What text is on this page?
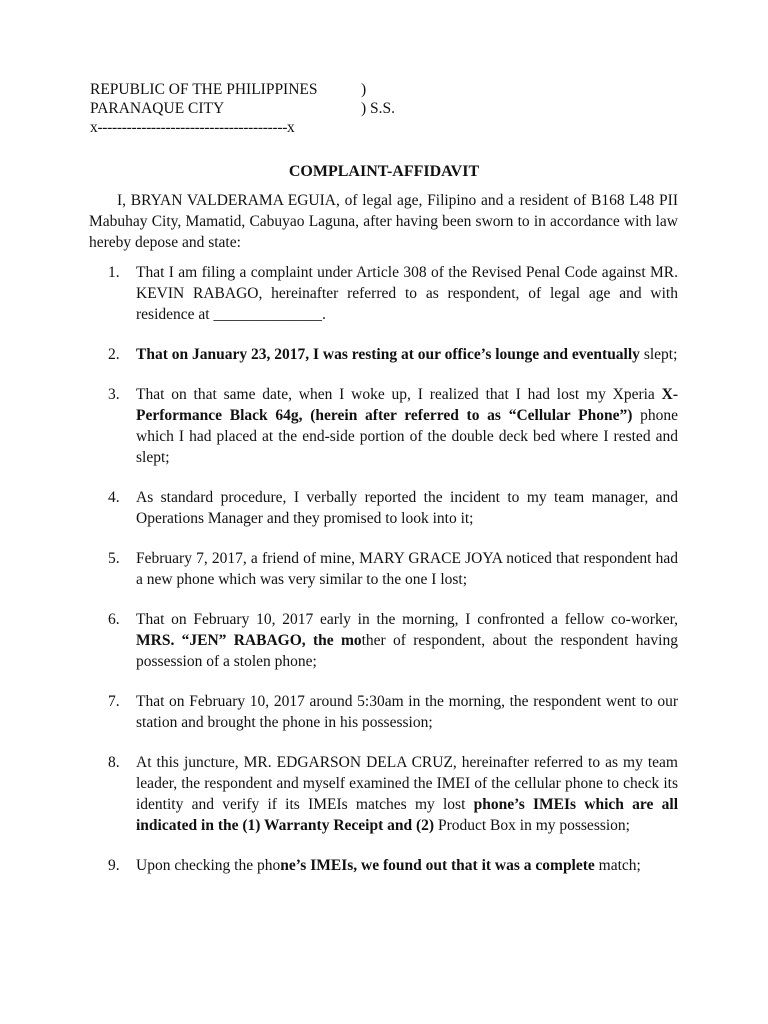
REPUBLIC OF THE PHILIPPINES	)
PARANAQUE CITY	) S.S.
x---------------------------------------x
COMPLAINT-AFFIDAVIT
I, BRYAN VALDERAMA EGUIA, of legal age, Filipino and a resident of B168 L48 PII Mabuhay City, Mamatid, Cabuyao Laguna, after having been sworn to in accordance with law hereby depose and state:
1. That I am filing a complaint under Article 308 of the Revised Penal Code against MR. KEVIN RABAGO, hereinafter referred to as respondent, of legal age and with residence at ______________.
2. That on January 23, 2017, I was resting at our office’s lounge and eventually slept;
3. That on that same date, when I woke up, I realized that I had lost my Xperia X-Performance Black 64g, (herein after referred to as “Cellular Phone”) phone which I had placed at the end-side portion of the double deck bed where I rested and slept;
4. As standard procedure, I verbally reported the incident to my team manager, and Operations Manager and they promised to look into it;
5. February 7, 2017, a friend of mine, MARY GRACE JOYA noticed that respondent had a new phone which was very similar to the one I lost;
6. That on February 10, 2017 early in the morning, I confronted a fellow co-worker, MRS. “JEN” RABAGO, the mother of respondent, about the respondent having possession of a stolen phone;
7. That on February 10, 2017 around 5:30am in the morning, the respondent went to our station and brought the phone in his possession;
8. At this juncture, MR. EDGARSON DELA CRUZ, hereinafter referred to as my team leader, the respondent and myself examined the IMEI of the cellular phone to check its identity and verify if its IMEIs matches my lost phone’s IMEIs which are all indicated in the (1) Warranty Receipt and (2) Product Box in my possession;
9. Upon checking the phone’s IMEIs, we found out that it was a complete match;
